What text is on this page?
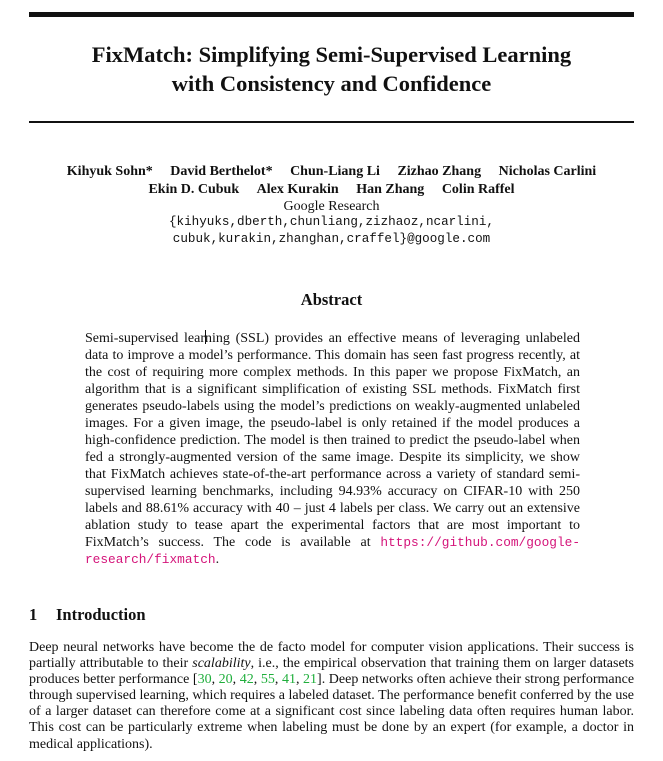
FixMatch: Simplifying Semi-Supervised Learning
with Consistency and Confidence
Kihyuk Sohn* David Berthelot* Chun-Liang Li Zizhao Zhang Nicholas Carlini
Ekin D. Cubuk Alex Kurakin Han Zhang Colin Raffel
Google Research
{kihyuks,dberth,chunliang,zizhaoz,ncarlini,
cubuk,kurakin,zhanghan,craffel}@google.com
Abstract
Semi-supervised learning (SSL) provides an effective means of leveraging unlabeled data to improve a model’s performance. This domain has seen fast progress recently, at the cost of requiring more complex methods. In this paper we propose FixMatch, an algorithm that is a significant simplification of existing SSL methods. FixMatch first generates pseudo-labels using the model’s predictions on weakly-augmented unlabeled images. For a given image, the pseudo-label is only retained if the model produces a high-confidence prediction. The model is then trained to predict the pseudo-label when fed a strongly-augmented version of the same image. Despite its simplicity, we show that FixMatch achieves state-of-the-art performance across a variety of standard semi-supervised learning benchmarks, including 94.93% accuracy on CIFAR-10 with 250 labels and 88.61% accuracy with 40 – just 4 labels per class. We carry out an extensive ablation study to tease apart the experimental factors that are most important to FixMatch’s success. The code is available at https://github.com/google-research/fixmatch.
1 Introduction
Deep neural networks have become the de facto model for computer vision applications. Their success is partially attributable to their scalability, i.e., the empirical observation that training them on larger datasets produces better performance [30, 20, 42, 55, 41, 21]. Deep networks often achieve their strong performance through supervised learning, which requires a labeled dataset. The performance benefit conferred by the use of a larger dataset can therefore come at a significant cost since labeling data often requires human labor. This cost can be particularly extreme when labeling must be done by an expert (for example, a doctor in medical applications).
